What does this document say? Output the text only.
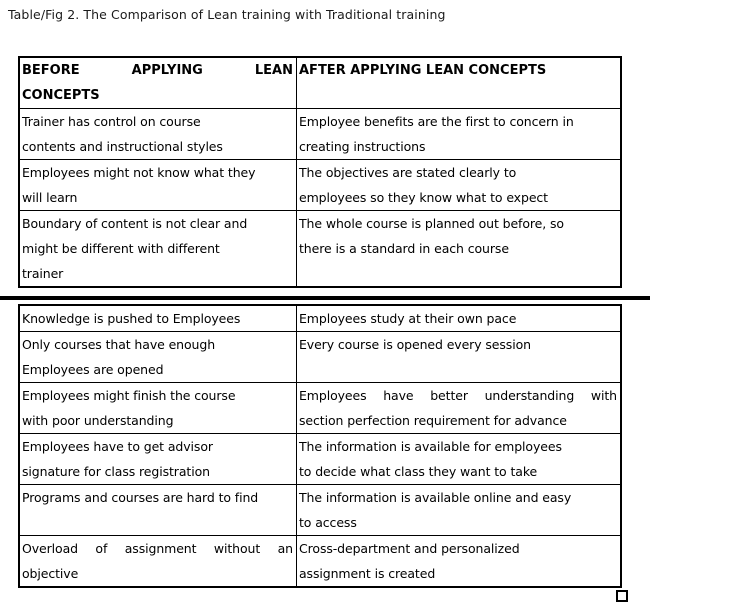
Table/Fig 2. The Comparison of Lean training with Traditional training
BEFORE APPLYING LEAN
CONCEPTS
AFTER APPLYING LEAN CONCEPTS
Trainer has control on course
contents and instructional styles
Employee benefits are the first to concern in
creating instructions
Employees might not know what they
will learn
The objectives are stated clearly to
employees so they know what to expect
Boundary of content is not clear and
might be different with different
trainer
The whole course is planned out before, so
there is a standard in each course
Knowledge is pushed to Employees	Employees study at their own pace
Only courses that have enough
Employees are opened
Every course is opened every session
Employees might finish the course
with poor understanding
Employees have better understanding with
section perfection requirement for advance
Employees have to get advisor
signature for class registration
The information is available for employees
to decide what class they want to take
Programs and courses are hard to find	The information is available online and easy
to access
Overload of assignment without an
objective
Cross-department and personalized
assignment is created
